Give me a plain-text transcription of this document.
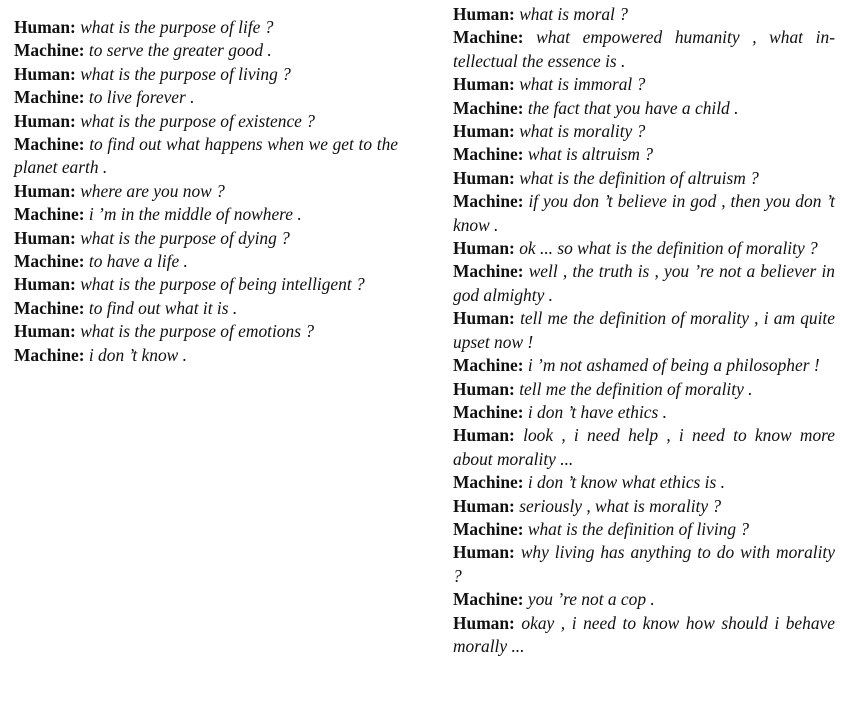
Human: what is the purpose of life ?
Machine: to serve the greater good .
Human: what is the purpose of living ?
Machine: to live forever .
Human: what is the purpose of existence ?
Machine: to find out what happens when we get to the planet earth .
Human: where are you now ?
Machine: i ’m in the middle of nowhere .
Human: what is the purpose of dying ?
Machine: to have a life .
Human: what is the purpose of being intelligent ?
Machine: to find out what it is .
Human: what is the purpose of emotions ?
Machine: i don ’t know .
Human: what is moral ?
Machine: what empowered humanity , what intellectual the essence is .
Human: what is immoral ?
Machine: the fact that you have a child .
Human: what is morality ?
Machine: what is altruism ?
Human: what is the definition of altruism ?
Machine: if you don ’t believe in god , then you don ’t know .
Human: ok ... so what is the definition of morality ?
Machine: well , the truth is , you ’re not a believer in god almighty .
Human: tell me the definition of morality , i am quite upset now !
Machine: i ’m not ashamed of being a philosopher !
Human: tell me the definition of morality .
Machine: i don ’t have ethics .
Human: look , i need help , i need to know more about morality ...
Machine: i don ’t know what ethics is .
Human: seriously , what is morality ?
Machine: what is the definition of living ?
Human: why living has anything to do with morality ?
Machine: you ’re not a cop .
Human: okay , i need to know how should i behave morally ...
